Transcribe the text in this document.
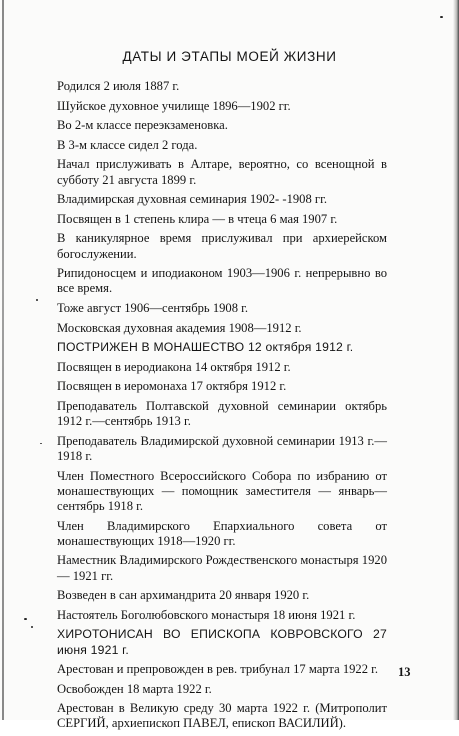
ДАТЫ И ЭТАПЫ МОЕЙ ЖИЗНИ
Родился 2 июля 1887 г.
Шуйское духовное училище 1896—1902 гг.
Во 2-м классе переэкзаменовка.
В 3-м классе сидел 2 года.
Начал прислуживать в Алтаре, вероятно, со всенощной в субботу 21 августа 1899 г.
Владимирская духовная семинария 1902- -1908 гг.
Посвящен в 1 степень клира — в чтеца 6 мая 1907 г.
В каникулярное время прислуживал при архиерейском богослужении.
Рипидоносцем и иподиаконом 1903—1906 г. непрерывно во все время.
Тоже август 1906—сентябрь 1908 г.
Московская духовная академия 1908—1912 г.
ПОСТРИЖЕН В МОНАШЕСТВО 12 октября 1912 г.
Посвящен в иеродиакона 14 октября 1912 г.
Посвящен в иеромонаха 17 октября 1912 г.
Преподаватель Полтавской духовной семинарии октябрь 1912 г.—сентябрь 1913 г.
Преподаватель Владимирской духовной семинарии 1913 г.— 1918 г.
Член Поместного Всероссийского Собора по избранию от монашествующих — помощник заместителя — январь—сентябрь 1918 г.
Член Владимирского Епархиального совета от монашествующих 1918—1920 гг.
Наместник Владимирского Рождественского монастыря 1920— 1921 гг.
Возведен в сан архимандрита 20 января 1920 г.
Настоятель Боголюбовского монастыря 18 июня 1921 г.
ХИРОТОНИСАН ВО ЕПИСКОПА КОВРОВСКОГО 27 июня 1921 г.
Арестован и препровожден в рев. трибунал 17 марта 1922 г.
Освобожден 18 марта 1922 г.
Арестован в Великую среду 30 марта 1922 г. (Митрополит СЕРГИЙ, архиепископ ПАВЕЛ, епископ ВАСИЛИЙ).

13
